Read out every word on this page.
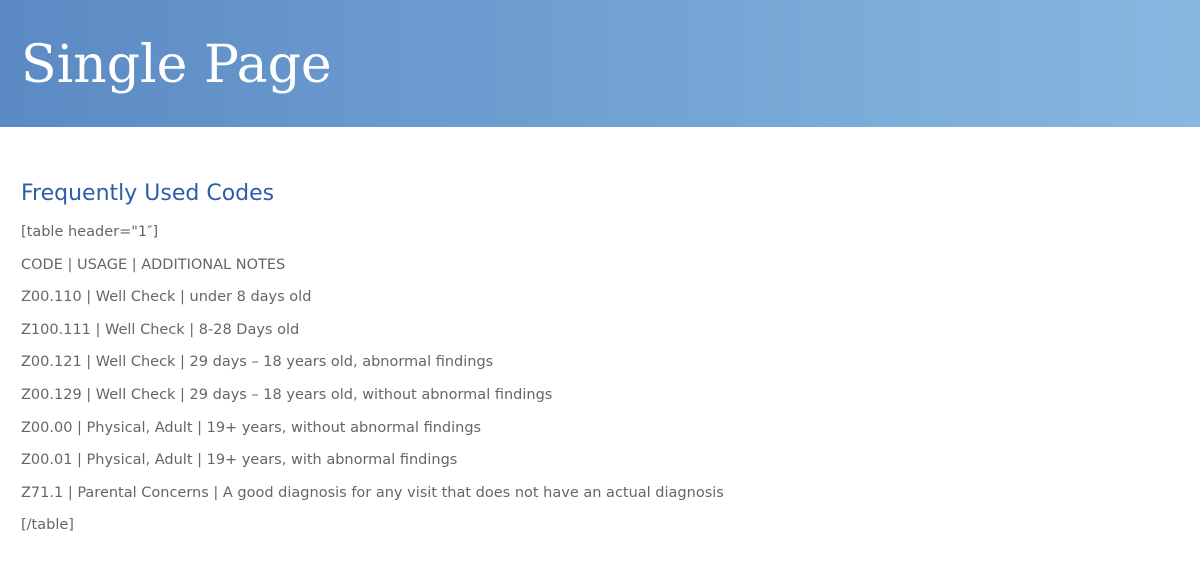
Single Page
Frequently Used Codes
[table header="1″]
CODE | USAGE | ADDITIONAL NOTES
Z00.110 | Well Check | under 8 days old
Z100.111 | Well Check | 8-28 Days old
Z00.121 | Well Check | 29 days – 18 years old, abnormal findings
Z00.129 | Well Check | 29 days – 18 years old, without abnormal findings
Z00.00 | Physical, Adult | 19+ years, without abnormal findings
Z00.01 | Physical, Adult | 19+ years, with abnormal findings
Z71.1 | Parental Concerns | A good diagnosis for any visit that does not have an actual diagnosis
[/table]
